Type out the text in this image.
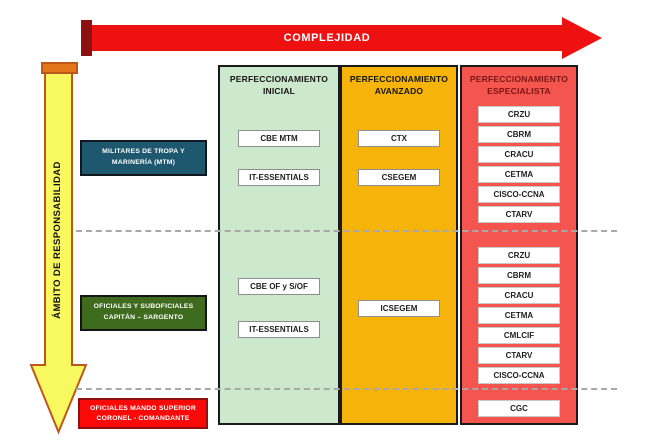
COMPLEJIDAD
ÁMBITO DE RESPONSABILIDAD
PERFECCIONAMIENTO INICIAL
PERFECCIONAMIENTO AVANZADO
PERFECCIONAMIENTO ESPECIALISTA
MILITARES DE TROPA Y MARINERÍA (MTM)
OFICIALES Y SUBOFICIALES CAPITÁN – SARGENTO
OFICIALES MANDO SUPERIOR CORONEL - COMANDANTE
CBE MTM
IT-ESSENTIALS
CTX
CSEGEM
CRZU
CBRM
CRACU
CETMA
CISCO-CCNA
CTARV
CBE OF y S/OF
IT-ESSENTIALS
ICSEGEM
CRZU
CBRM
CRACU
CETMA
CMLCIF
CTARV
CISCO-CCNA
CGC
